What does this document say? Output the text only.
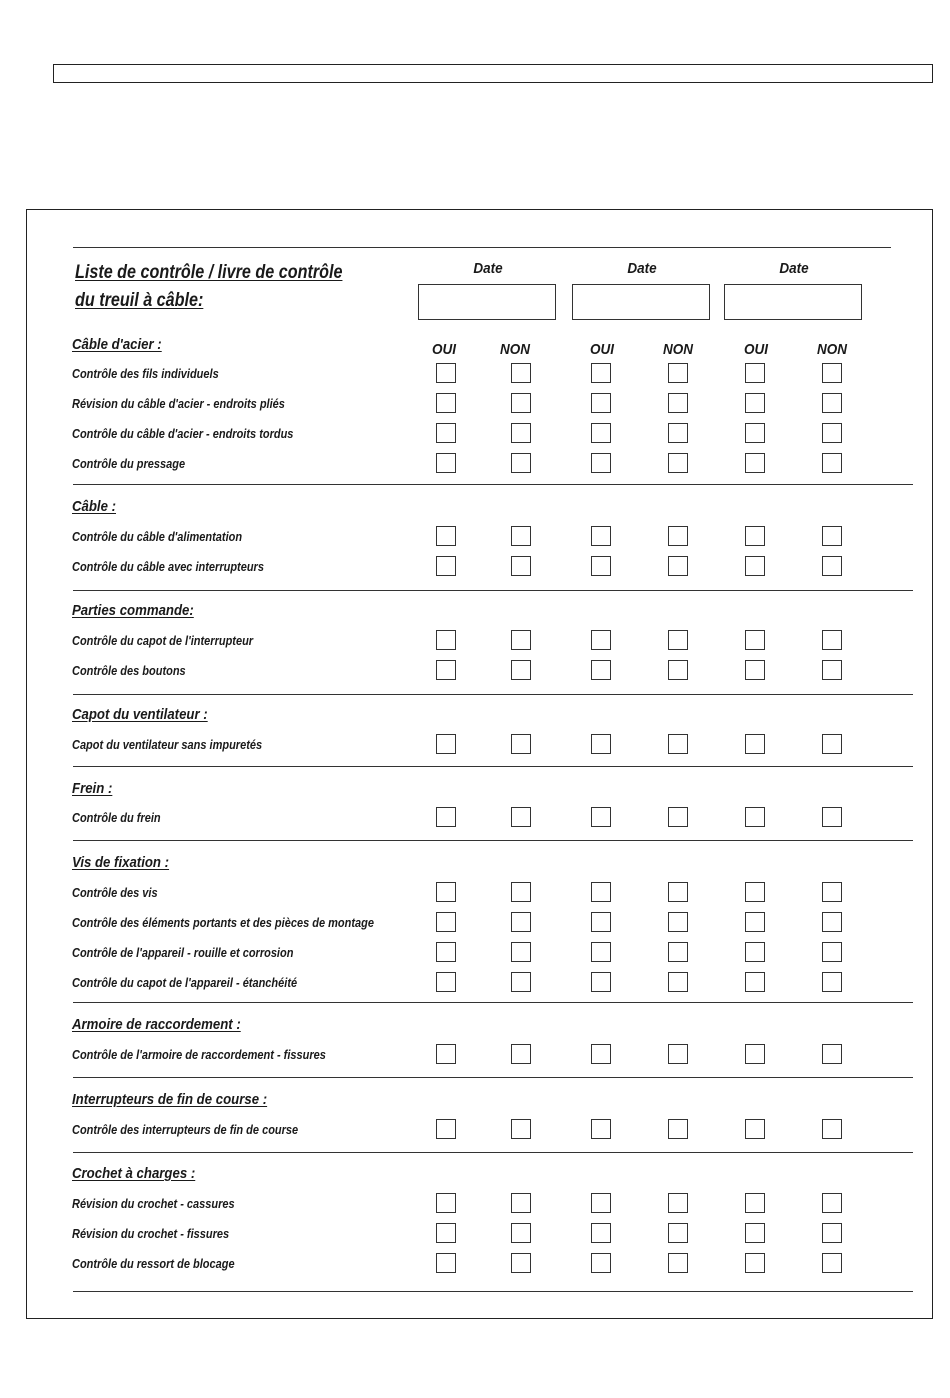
Liste de contrôle / livre de contrôle
du treuil à câble:
Date	Date	Date
OUI	NON	OUI	NON	OUI	NON
Câble d'acier :
Contrôle des fils individuels
Révision du câble d'acier - endroits pliés
Contrôle du câble d'acier - endroits tordus
Contrôle du pressage
Câble :
Contrôle du câble d'alimentation
Contrôle du câble avec interrupteurs
Parties commande:
Contrôle du capot de l'interrupteur
Contrôle des boutons
Capot du ventilateur :
Capot du ventilateur sans impuretés
Frein :
Contrôle du frein
Vis de fixation :
Contrôle des vis
Contrôle des éléments portants et des pièces de montage
Contrôle de l'appareil - rouille et corrosion
Contrôle du capot de l'appareil - étanchéité
Armoire de raccordement :
Contrôle de l'armoire de raccordement - fissures
Interrupteurs de fin de course :
Contrôle des interrupteurs de fin de course
Crochet à charges :
Révision du crochet - cassures
Révision du crochet - fissures
Contrôle du ressort de blocage
